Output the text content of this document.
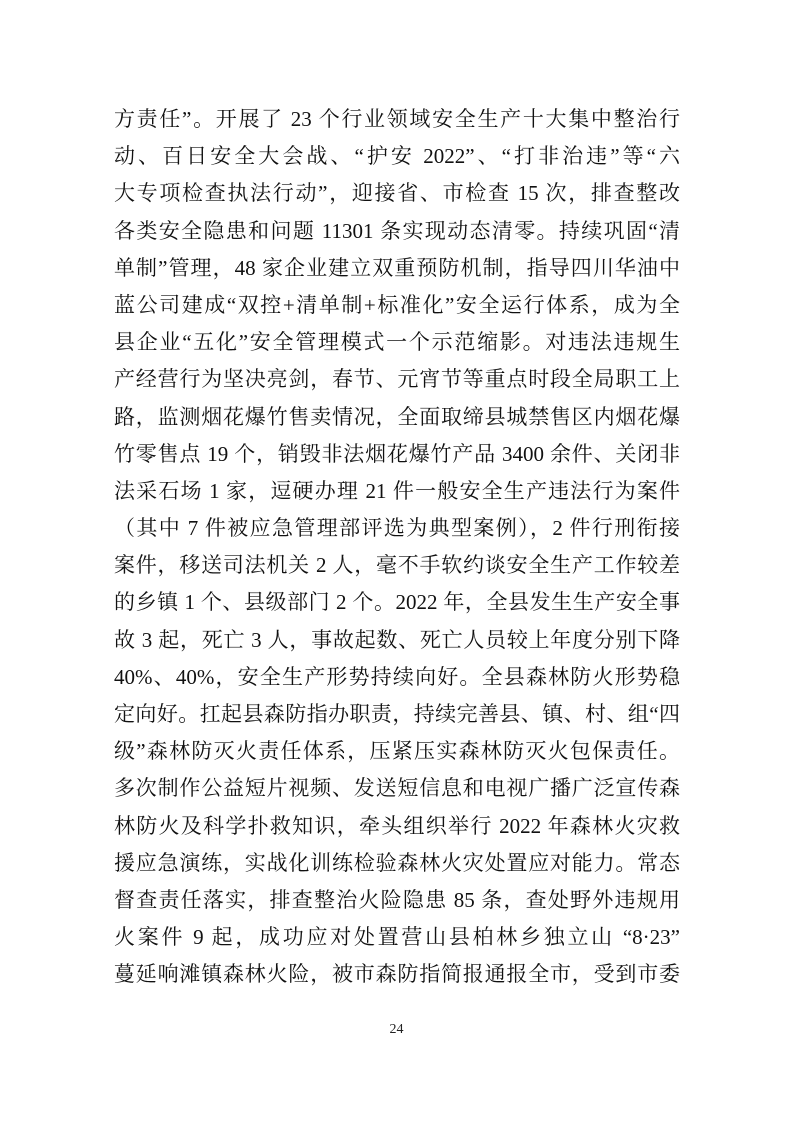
方责任”。开展了 23 个行业领域安全生产十大集中整治行
动、百日安全大会战、“护安 2022”、“打非治违”等“六
大专项检查执法行动”，迎接省、市检查 15 次，排查整改
各类安全隐患和问题 11301 条实现动态清零。持续巩固“清
单制”管理，48 家企业建立双重预防机制，指导四川华油中
蓝公司建成“双控+清单制+标准化”安全运行体系，成为全
县企业“五化”安全管理模式一个示范缩影。对违法违规生
产经营行为坚决亮剑，春节、元宵节等重点时段全局职工上
路，监测烟花爆竹售卖情况，全面取缔县城禁售区内烟花爆
竹零售点 19 个，销毁非法烟花爆竹产品 3400 余件、关闭非
法采石场 1 家，逗硬办理 21 件一般安全生产违法行为案件
（其中 7 件被应急管理部评选为典型案例），2 件行刑衔接
案件，移送司法机关 2 人，毫不手软约谈安全生产工作较差
的乡镇 1 个、县级部门 2 个。2022 年，全县发生生产安全事
故 3 起，死亡 3 人，事故起数、死亡人员较上年度分别下降
40%、40%，安全生产形势持续向好。全县森林防火形势稳
定向好。扛起县森防指办职责，持续完善县、镇、村、组“四
级”森林防灭火责任体系，压紧压实森林防灭火包保责任。
多次制作公益短片视频、发送短信息和电视广播广泛宣传森
林防火及科学扑救知识，牵头组织举行 2022 年森林火灾救
援应急演练，实战化训练检验森林火灾处置应对能力。常态
督查责任落实，排查整治火险隐患 85 条，查处野外违规用
火案件 9 起，成功应对处置营山县柏林乡独立山 “8·23”
蔓延响滩镇森林火险，被市森防指简报通报全市，受到市委
24
